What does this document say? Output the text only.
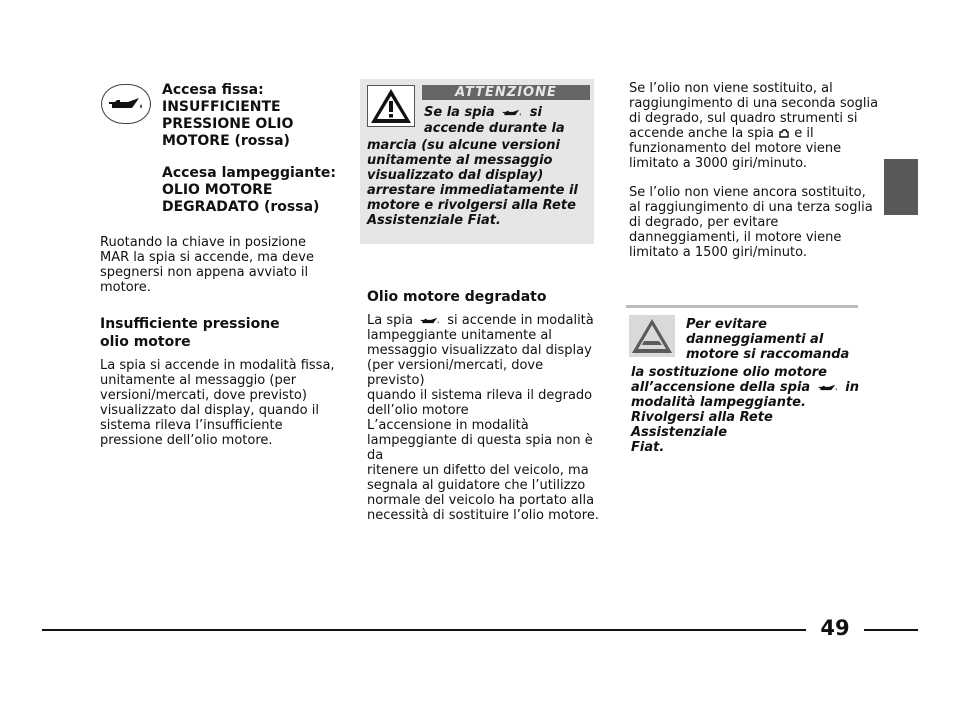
Accesa fissa:
INSUFFICIENTE
PRESSIONE OLIO
MOTORE (rossa)
Accesa lampeggiante:
OLIO MOTORE
DEGRADATO (rossa)
Ruotando la chiave in posizione
MAR la spia si accende, ma deve
spegnersi non appena avviato il
motore.
Insufficiente pressione
olio motore
La spia si accende in modalità fissa,
unitamente al messaggio (per
versioni/mercati, dove previsto)
visualizzato dal display, quando il
sistema rileva l’insufficiente
pressione dell’olio motore.
ATTENZIONE
Se la spia	si
accende durante la
marcia (su alcune versioni
unitamente al messaggio
visualizzato dal display)
arrestare immediatamente il
motore e rivolgersi alla Rete
Assistenziale Fiat.
Olio motore degradato
La spia	si accende in modalità
lampeggiante unitamente al
messaggio visualizzato dal display
(per versioni/mercati, dove previsto)
quando il sistema rileva il degrado
dell’olio motore
L’accensione in modalità
lampeggiante di questa spia non è da
ritenere un difetto del veicolo, ma
segnala al guidatore che l’utilizzo
normale del veicolo ha portato alla
necessità di sostituire l’olio motore.
Se l’olio non viene sostituito, al
raggiungimento di una seconda soglia
di degrado, sul quadro strumenti si
accende anche la spia e il
funzionamento del motore viene
limitato a 3000 giri/minuto.
Se l’olio non viene ancora sostituito,
al raggiungimento di una terza soglia
di degrado, per evitare
danneggiamenti, il motore viene
limitato a 1500 giri/minuto.
Per evitare
danneggiamenti al
motore si raccomanda
la sostituzione olio motore
all’accensione della spia	in
modalità lampeggiante.
Rivolgersi alla Rete Assistenziale
Fiat.
49
